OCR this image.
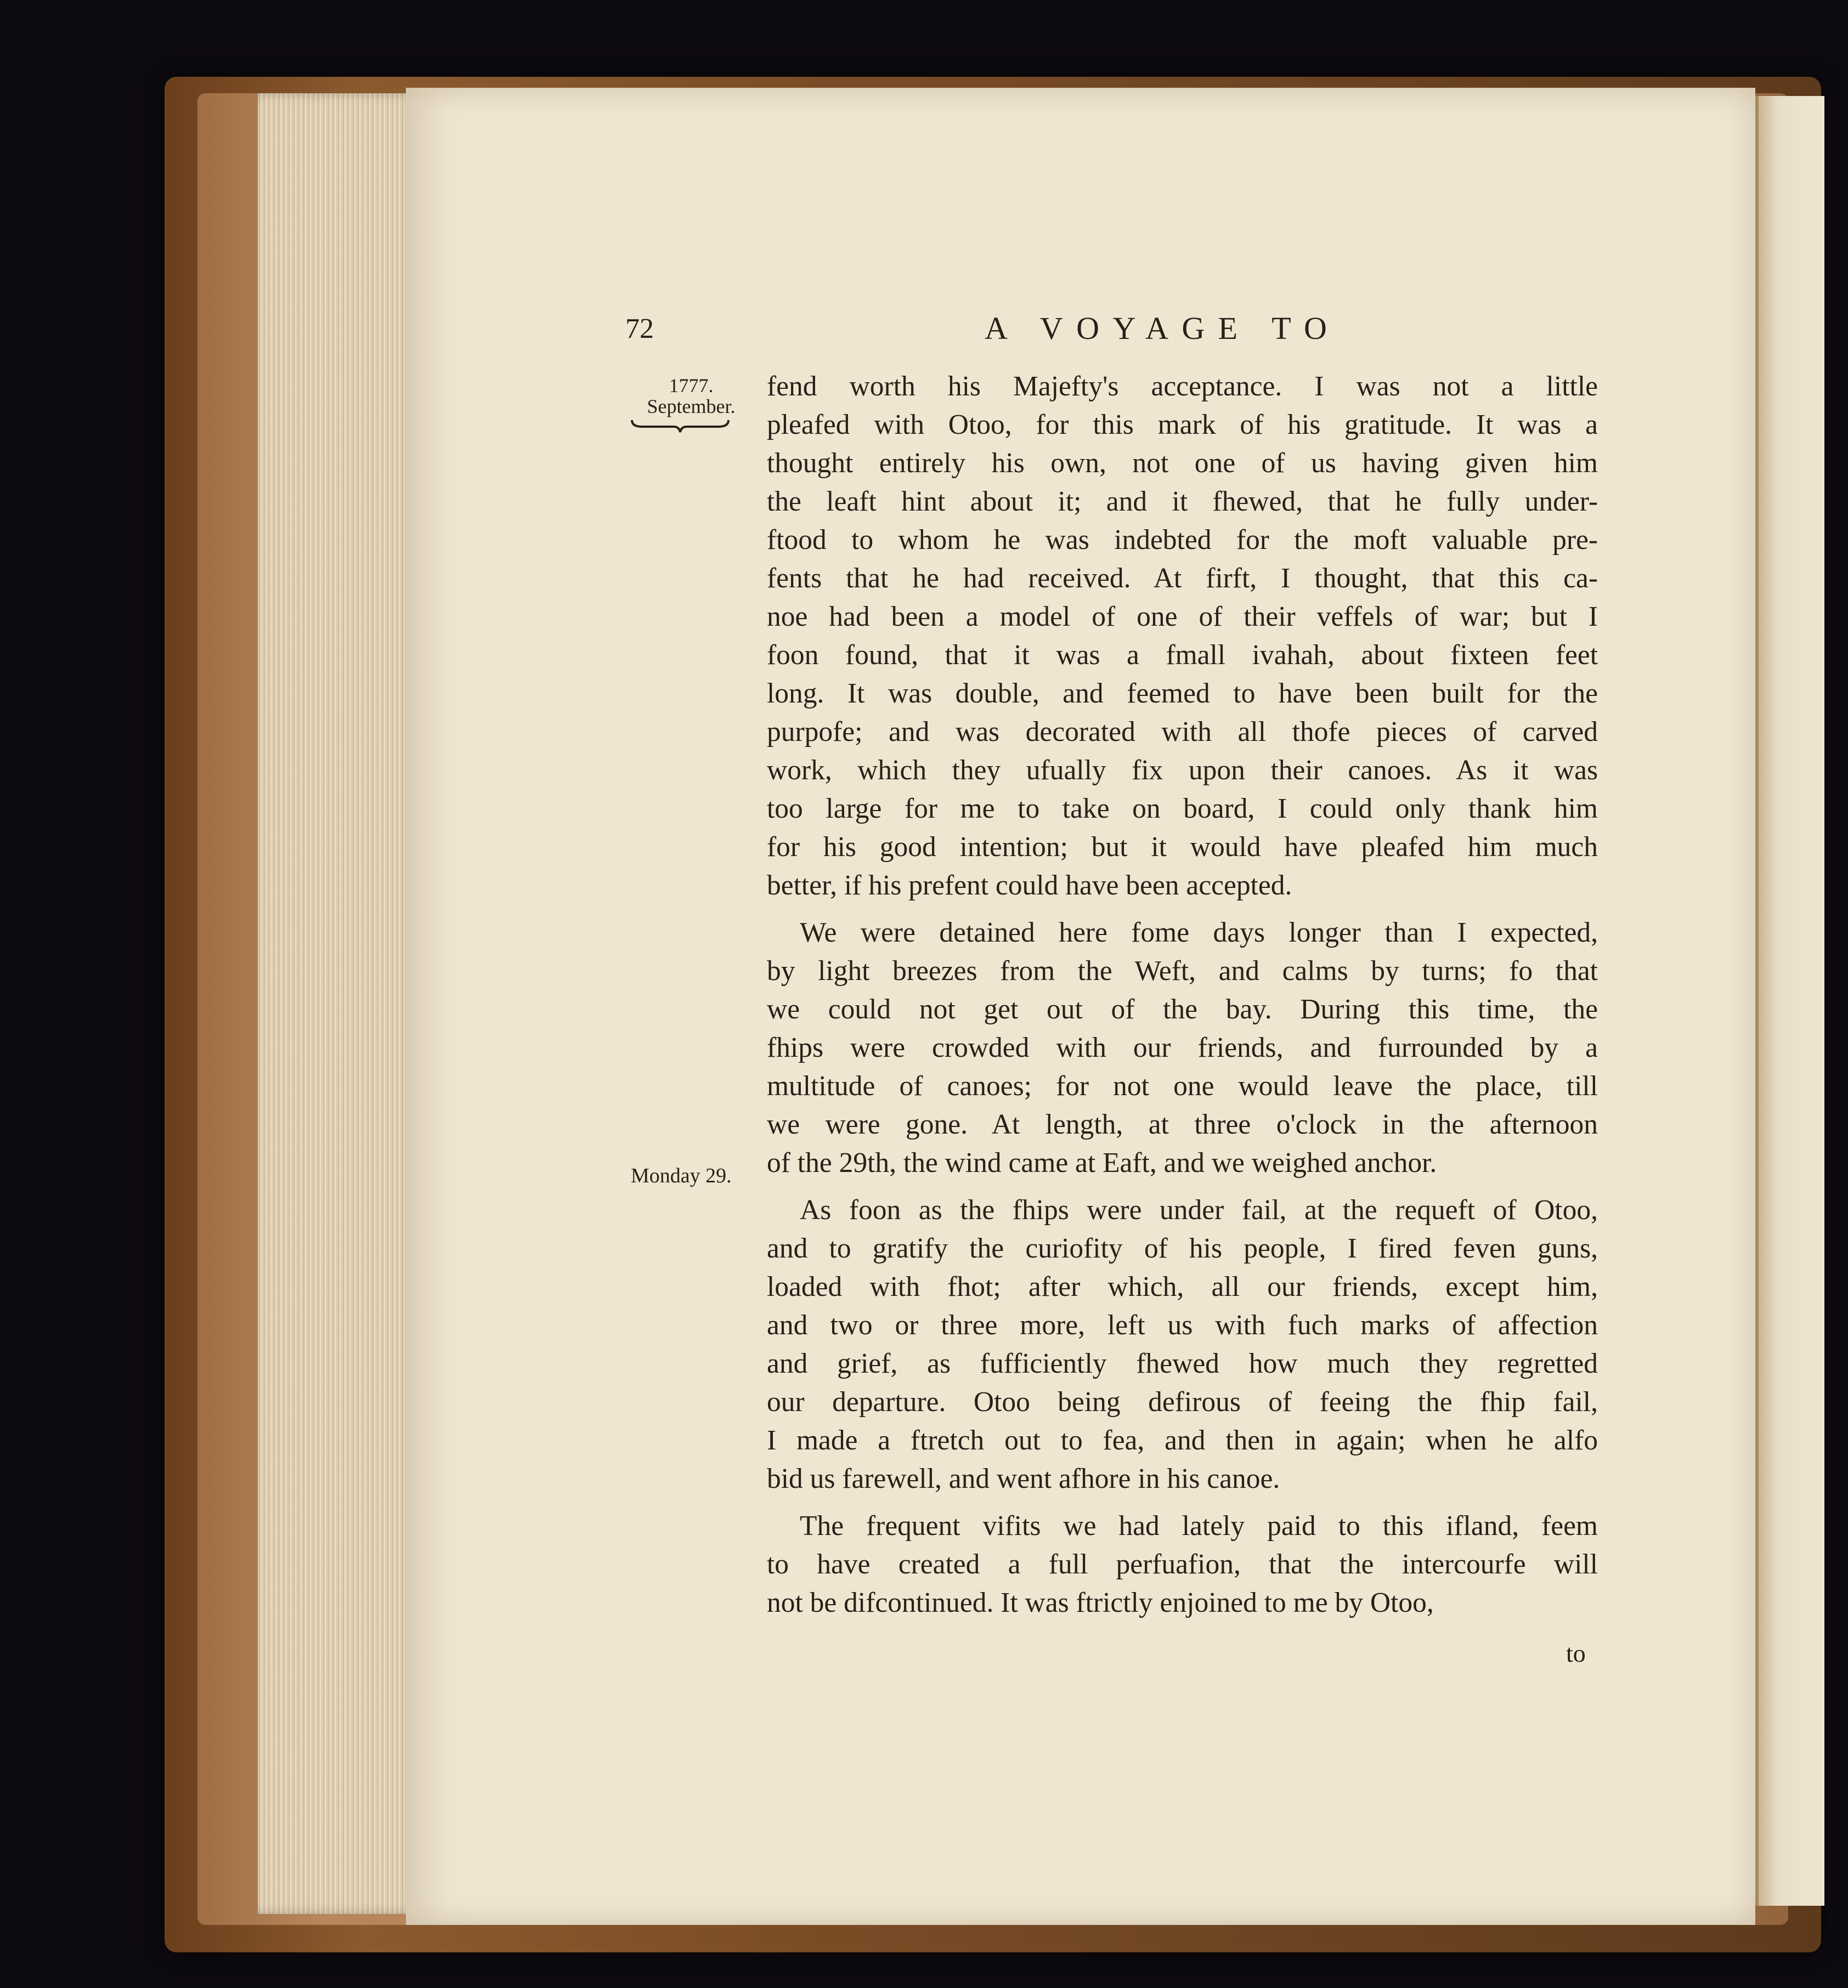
72	A VOYAGE TO
1777.
September.
Monday 29.

fend worth his Majefty's acceptance. I was not a little
pleafed with Otoo, for this mark of his gratitude. It was a
thought entirely his own, not one of us having given him
the leaft hint about it; and it fhewed, that he fully under-
ftood to whom he was indebted for the moft valuable pre-
fents that he had received. At firft, I thought, that this ca-
noe had been a model of one of their veffels of war; but I
foon found, that it was a fmall ivahah, about fixteen feet
long. It was double, and feemed to have been built for the
purpofe; and was decorated with all thofe pieces of carved
work, which they ufually fix upon their canoes. As it was
too large for me to take on board, I could only thank him
for his good intention; but it would have pleafed him much
better, if his prefent could have been accepted.

We were detained here fome days longer than I expected,
by light breezes from the Weft, and calms by turns; fo that
we could not get out of the bay. During this time, the
fhips were crowded with our friends, and furrounded by a
multitude of canoes; for not one would leave the place, till
we were gone. At length, at three o'clock in the afternoon
of the 29th, the wind came at Eaft, and we weighed anchor.

As foon as the fhips were under fail, at the requeft of Otoo,
and to gratify the curiofity of his people, I fired feven guns,
loaded with fhot; after which, all our friends, except him,
and two or three more, left us with fuch marks of affection
and grief, as fufficiently fhewed how much they regretted
our departure. Otoo being defirous of feeing the fhip fail,
I made a ftretch out to fea, and then in again; when he alfo
bid us farewell, and went afhore in his canoe.

The frequent vifits we had lately paid to this ifland, feem
to have created a full perfuafion, that the intercourfe will
not be difcontinued. It was ftrictly enjoined to me by Otoo,

to
